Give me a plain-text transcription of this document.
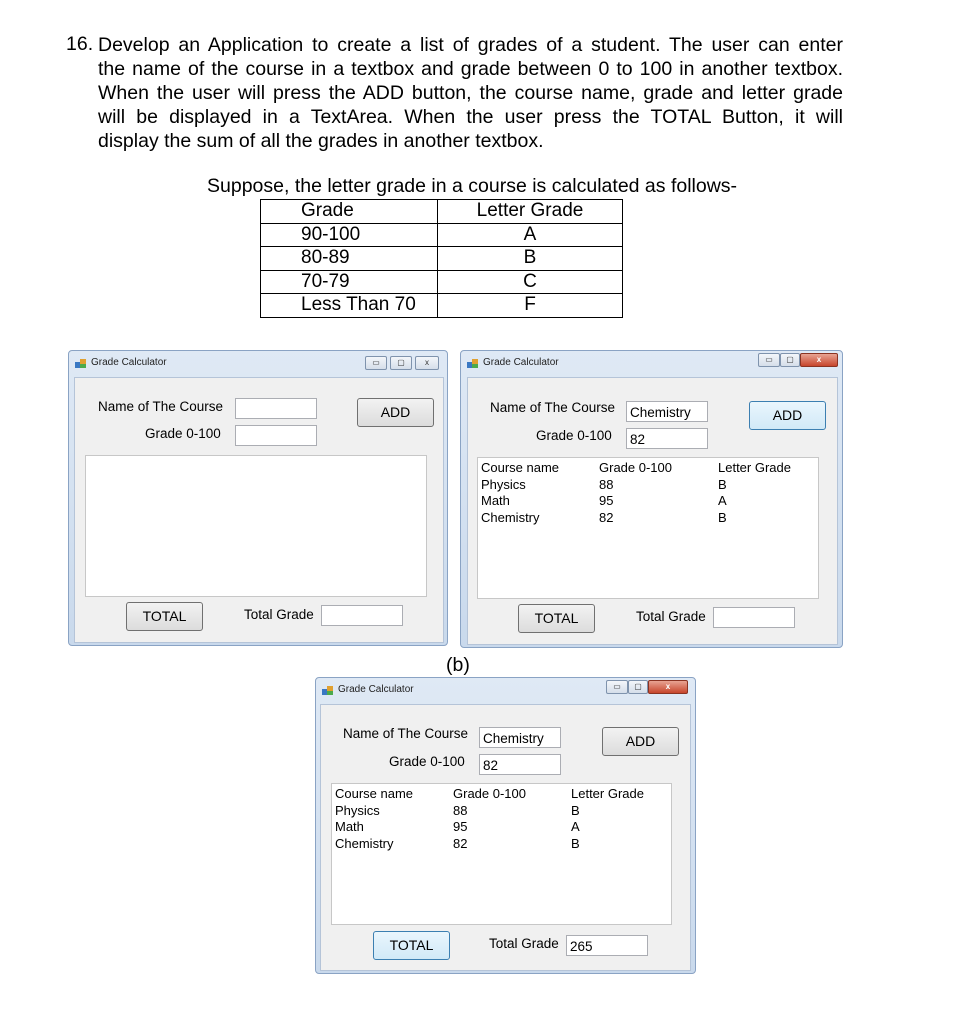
16. Develop an Application to create a list of grades of a student. The user can enter
the name of the course in a textbox and grade between 0 to 100 in another textbox.
When the user will press the ADD button, the course name, grade and letter grade
will be displayed in a TextArea. When the user press the TOTAL Button, it will
display the sum of all the grades in another textbox.
Suppose, the letter grade in a course is calculated as follows-
Grade	Letter Grade
90-100	A
80-89	B
70-79	C
Less Than 70	F
Grade Calculator	▭	▢	x
Name of The Course
Grade 0-100
ADD
TOTAL	Total Grade
Grade Calculator	▭	▢	x
Name of The Course Chemistry
Grade 0-100 82
ADD
Course name	Grade 0-100	Letter Grade
Physics	88	B
Math	95	A
Chemistry	82	B
TOTAL	Total Grade
(b)
Grade Calculator	▭	▢	x
Name of The Course Chemistry
Grade 0-100 82
ADD
Course name	Grade 0-100	Letter Grade
Physics	88	B
Math	95	A
Chemistry	82	B
TOTAL	Total Grade 265
